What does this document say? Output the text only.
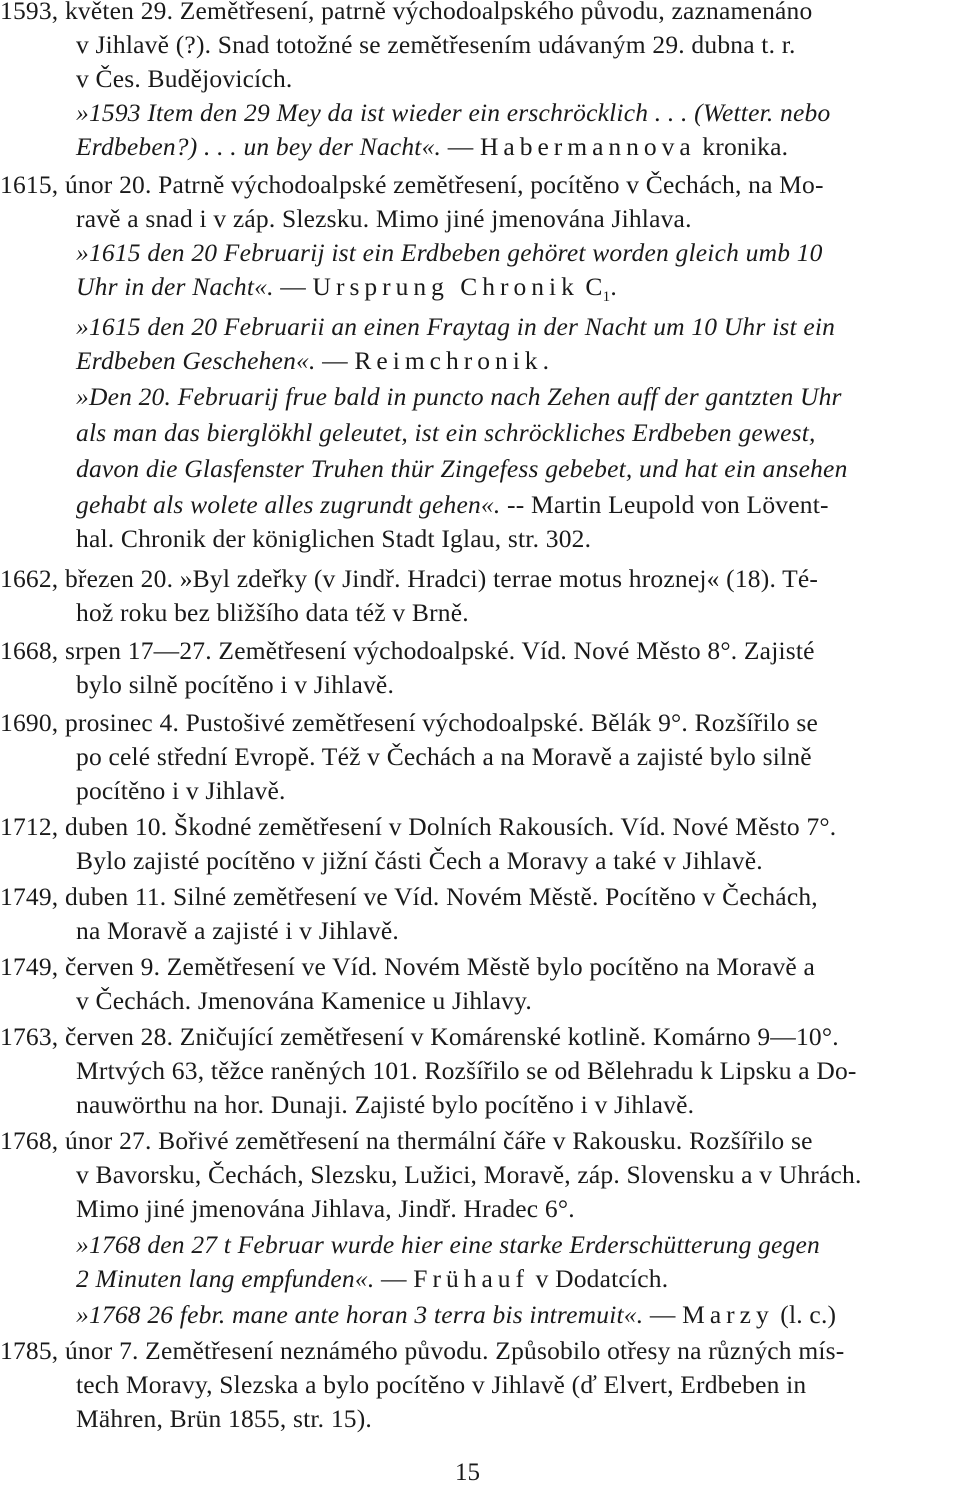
1593, květen 29. Zemětřesení, patrně východoalpského původu, zaznamenáno
v Jihlavě (?). Snad totožné se zemětřesením udávaným 29. dubna t. r.
v Čes. Budějovicích.
»1593 Item den 29 Mey da ist wieder ein erschröcklich . . . (Wetter. nebo
Erdbeben?) . . . un bey der Nacht«. — Habermannova kronika.
1615, únor 20. Patrně východoalpské zemětřesení, pocítěno v Čechách, na Mo-
ravě a snad i v záp. Slezsku. Mimo jiné jmenována Jihlava.
»1615 den 20 Februarij ist ein Erdbeben gehöret worden gleich umb 10
Uhr in der Nacht«. — Ursprung Chronik $C_1$.
»1615 den 20 Februarii an einen Fraytag in der Nacht um 10 Uhr ist ein
Erdbeben Geschehen«. — Reimchronik.
»Den 20. Februarij frue bald in puncto nach Zehen auff der gantzten Uhr
als man das bierglökhl geleutet, ist ein schröckliches Erdbeben gewest,
davon die Glasfenster Truhen thür Zingefess gebebet, und hat ein ansehen
gehabt als wolete alles zugrundt gehen«. -- Martin Leupold von Lövent-
hal. Chronik der königlichen Stadt Iglau, str. 302.
1662, březen 20. »Byl zdeřky (v Jindř. Hradci) terrae motus hroznej« (18). Té-
hož roku bez bližšího data též v Brně.
1668, srpen 17—27. Zemětřesení východoalpské. Víd. Nové Město 8°. Zajisté
bylo silně pocítěno i v Jihlavě.
1690, prosinec 4. Pustošivé zemětřesení východoalpské. Bělák 9°. Rozšířilo se
po celé střední Evropě. Též v Čechách a na Moravě a zajisté bylo silně
pocítěno i v Jihlavě.
1712, duben 10. Škodné zemětřesení v Dolních Rakousích. Víd. Nové Město 7°.
Bylo zajisté pocítěno v jižní části Čech a Moravy a také v Jihlavě.
1749, duben 11. Silné zemětřesení ve Víd. Novém Městě. Pocítěno v Čechách,
na Moravě a zajisté i v Jihlavě.
1749, červen 9. Zemětřesení ve Víd. Novém Městě bylo pocítěno na Moravě a
v Čechách. Jmenována Kamenice u Jihlavy.
1763, červen 28. Zničující zemětřesení v Komárenské kotlině. Komárno 9—10°.
Mrtvých 63, těžce raněných 101. Rozšířilo se od Bělehradu k Lipsku a Do-
nauwörthu na hor. Dunaji. Zajisté bylo pocítěno i v Jihlavě.
1768, únor 27. Bořivé zemětřesení na thermální čáře v Rakousku. Rozšířilo se
v Bavorsku, Čechách, Slezsku, Lužici, Moravě, záp. Slovensku a v Uhrách.
Mimo jiné jmenována Jihlava, Jindř. Hradec 6°.
»1768 den 27 t Februar wurde hier eine starke Erderschütterung gegen
2 Minuten lang empfunden«. — Frühauf v Dodatcích.
»1768 26 febr. mane ante horan 3 terra bis intremuit«. — Marzy (l. c.)
1785, únor 7. Zemětřesení neznámého původu. Způsobilo otřesy na různých mís-
tech Moravy, Slezska a bylo pocítěno v Jihlavě (ď Elvert, Erdbeben in
Mähren, Brün 1855, str. 15).
15
